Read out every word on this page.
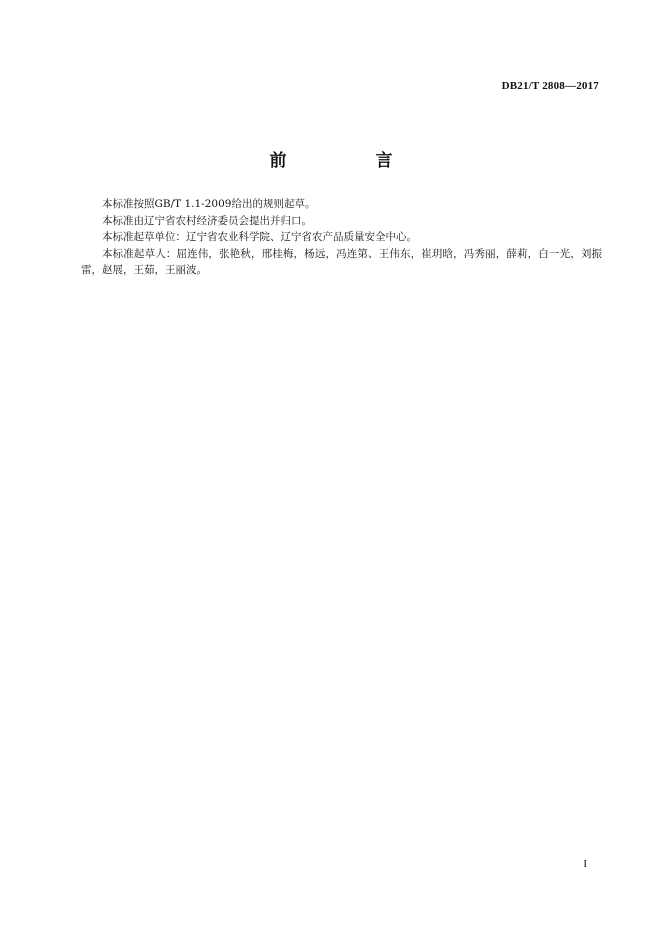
DB21/T 2808—2017
前　言

本标准按照GB/T 1.1-2009给出的规则起草。

本标准由辽宁省农村经济委员会提出并归口。

本标准起草单位：辽宁省农业科学院、辽宁省农产品质量安全中心。

本标准起草人：屈连伟，张艳秋，邢桂梅，杨远，冯连第、王伟东，崔玥晗，冯秀丽，薛莉，白一光，刘振雷，赵展，王茹，王丽波。

I
